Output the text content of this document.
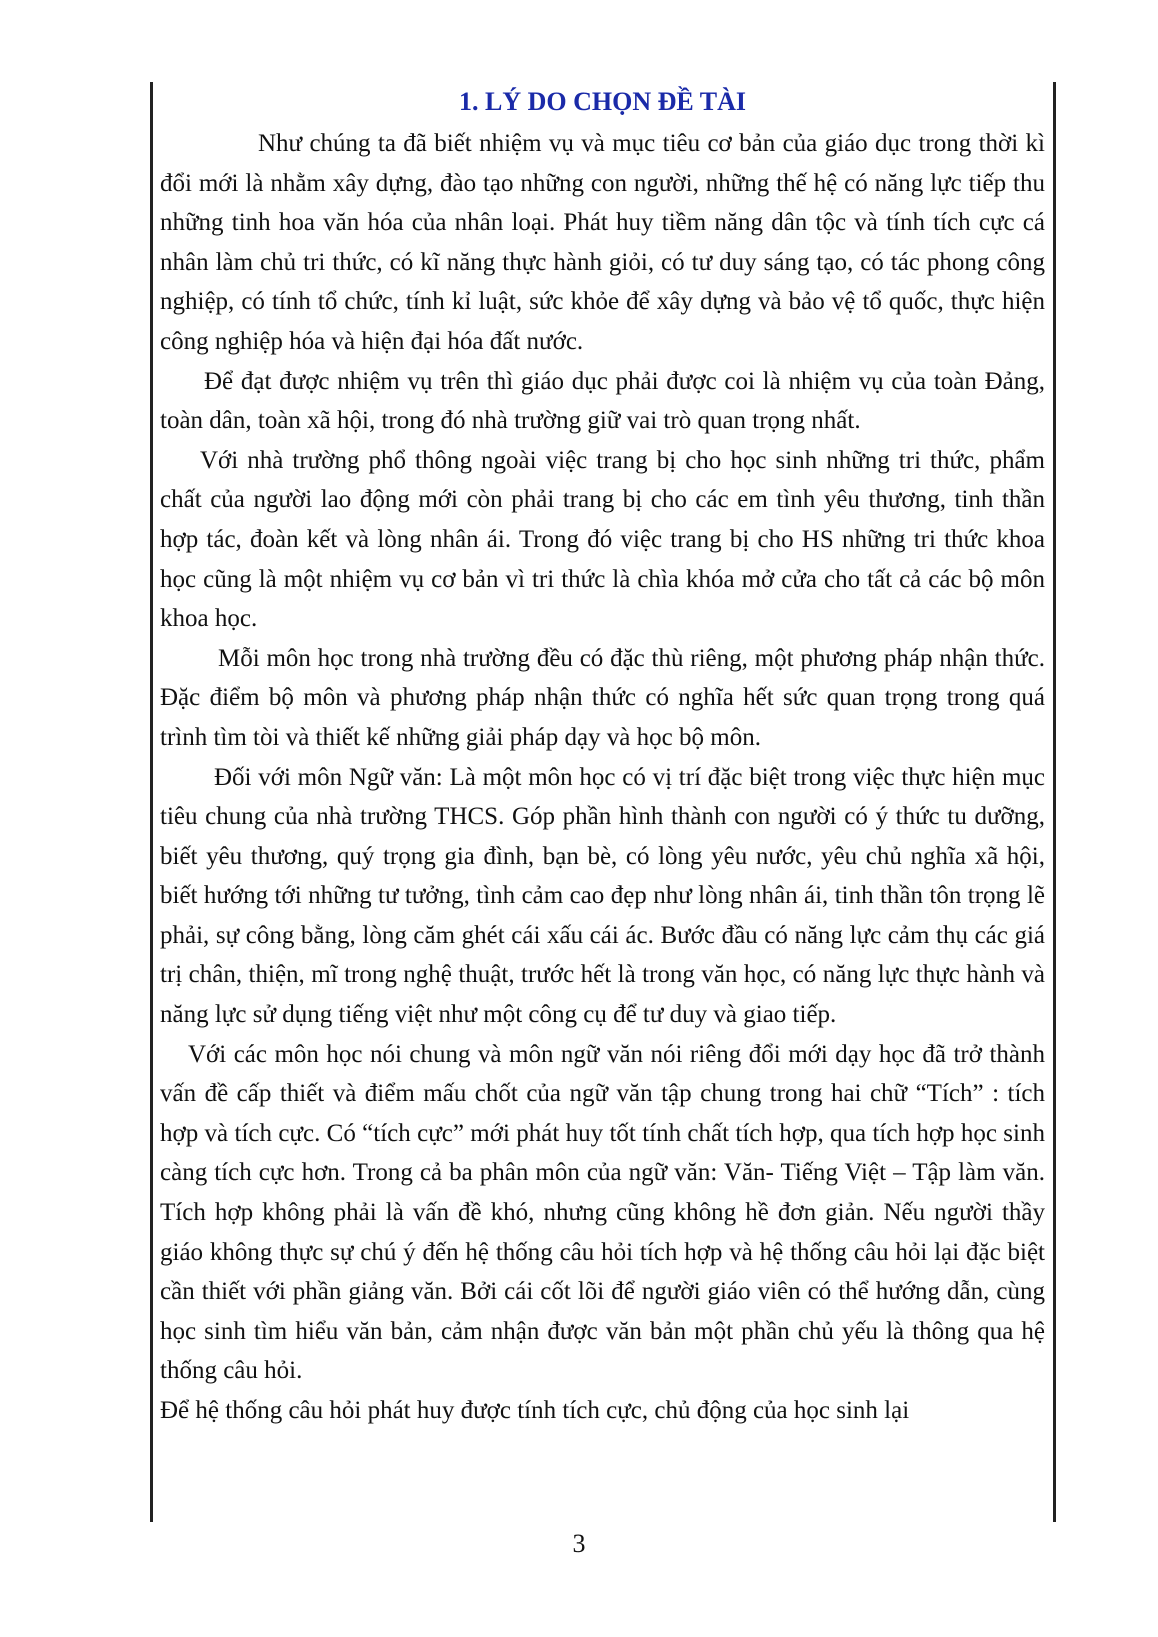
1. LÝ DO CHỌN ĐỀ TÀI

Như chúng ta đã biết nhiệm vụ và mục tiêu cơ bản của giáo dục trong thời kì đổi mới là nhằm xây dựng, đào tạo những con người, những thế hệ có năng lực tiếp thu những tinh hoa văn hóa của nhân loại. Phát huy tiềm năng dân tộc và tính tích cực cá nhân làm chủ tri thức, có kĩ năng thực hành giỏi, có tư duy sáng tạo, có tác phong công nghiệp, có tính tổ chức, tính kỉ luật, sức khỏe để xây dựng và bảo vệ tổ quốc, thực hiện công nghiệp hóa và hiện đại hóa đất nước.

Để đạt được nhiệm vụ trên thì giáo dục phải được coi là nhiệm vụ của toàn Đảng, toàn dân, toàn xã hội, trong đó nhà trường giữ vai trò quan trọng nhất.

Với nhà trường phổ thông ngoài việc trang bị cho học sinh những tri thức, phẩm chất của người lao động mới còn phải trang bị cho các em tình yêu thương, tinh thần hợp tác, đoàn kết và lòng nhân ái. Trong đó việc trang bị cho HS những tri thức khoa học cũng là một nhiệm vụ cơ bản vì tri thức là chìa khóa mở cửa cho tất cả các bộ môn khoa học.

Mỗi môn học trong nhà trường đều có đặc thù riêng, một phương pháp nhận thức. Đặc điểm bộ môn và phương pháp nhận thức có nghĩa hết sức quan trọng trong quá trình tìm tòi và thiết kế những giải pháp dạy và học bộ môn.

Đối với môn Ngữ văn: Là một môn học có vị trí đặc biệt trong việc thực hiện mục tiêu chung của nhà trường THCS. Góp phần hình thành con người có ý thức tu dưỡng, biết yêu thương, quý trọng gia đình, bạn bè, có lòng yêu nước, yêu chủ nghĩa xã hội, biết hướng tới những tư tưởng, tình cảm cao đẹp như lòng nhân ái, tinh thần tôn trọng lẽ phải, sự công bằng, lòng căm ghét cái xấu cái ác. Bước đầu có năng lực cảm thụ các giá trị chân, thiện, mĩ trong nghệ thuật, trước hết là trong văn học, có năng lực thực hành và năng lực sử dụng tiếng việt như một công cụ để tư duy và giao tiếp.

Với các môn học nói chung và môn ngữ văn nói riêng đổi mới dạy học đã trở thành vấn đề cấp thiết và điểm mấu chốt của ngữ văn tập chung trong hai chữ “Tích” : tích hợp và tích cực. Có “tích cực” mới phát huy tốt tính chất tích hợp, qua tích hợp học sinh càng tích cực hơn. Trong cả ba phân môn của ngữ văn: Văn- Tiếng Việt – Tập làm văn. Tích hợp không phải là vấn đề khó, nhưng cũng không hề đơn giản. Nếu người thầy giáo không thực sự chú ý đến hệ thống câu hỏi tích hợp và hệ thống câu hỏi lại đặc biệt cần thiết với phần giảng văn. Bởi cái cốt lõi để người giáo viên có thể hướng dẫn, cùng học sinh tìm hiểu văn bản, cảm nhận được văn bản một phần chủ yếu là thông qua hệ thống câu hỏi.

Để hệ thống câu hỏi phát huy được tính tích cực, chủ động của học sinh lại

3
